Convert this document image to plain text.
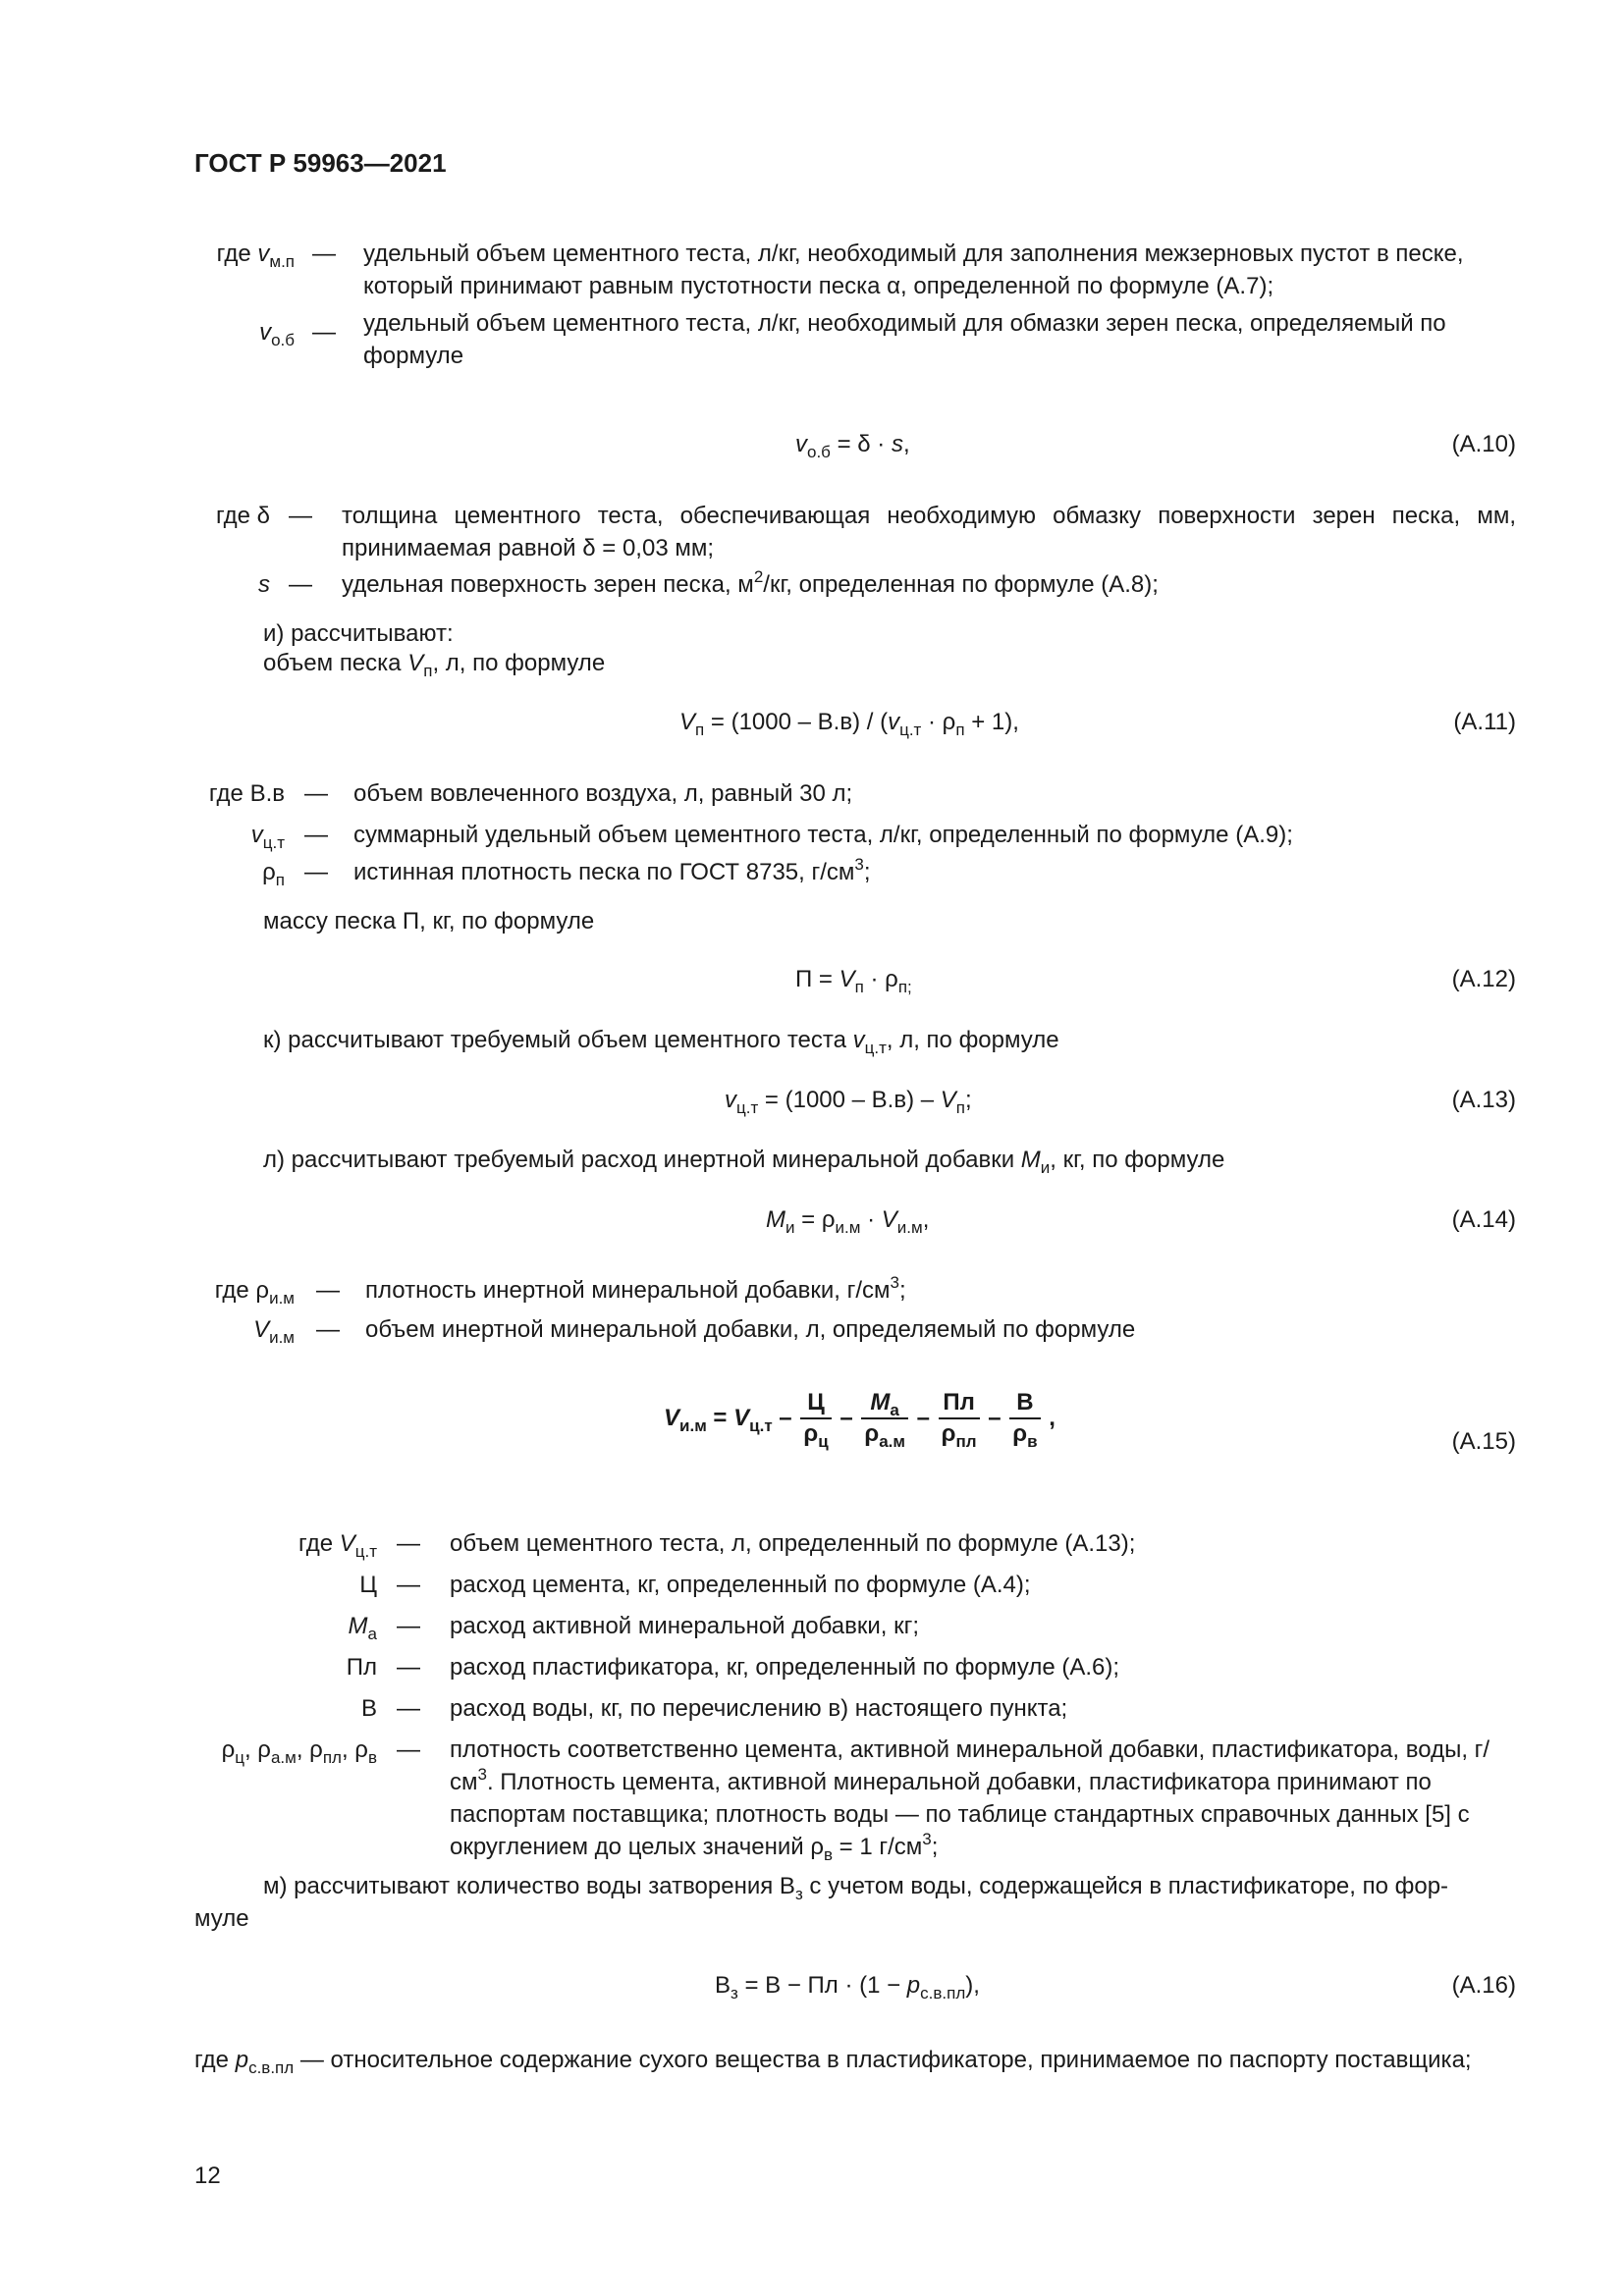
ГОСТ Р 59963—2021
где $v_{м.п}$ — удельный объем цементного теста, л/кг, необходимый для заполнения межзерновых пустот в песке, который принимают равным пустотности песка α, определенной по формуле (А.7);
$v_{о.б}$ — удельный объем цементного теста, л/кг, необходимый для обмазки зерен песка, определяемый по формуле
$v_{о.б} = \delta \cdot s$,	(А.10)
где δ — толщина цементного теста, обеспечивающая необходимую обмазку поверхности зерен песка, мм, принимаемая равной δ = 0,03 мм;
s — удельная поверхность зерен песка, $м^2/кг$, определенная по формуле (А.8);
и) рассчитывают:
объем песка $V_п$, л, по формуле
$V_п = (1000 - В.в) / (v_{ц.т} \cdot \rho_п + 1)$,	(А.11)
где В.в — объем вовлеченного воздуха, л, равный 30 л;
$v_{ц.т}$ — суммарный удельный объем цементного теста, л/кг, определенный по формуле (А.9);
$\rho_п$ — истинная плотность песка по ГОСТ 8735, $г/см^3$;
массу песка П, кг, по формуле
$П = V_п \cdot \rho_{п;}$	(А.12)
к) рассчитывают требуемый объем цементного теста $v_{ц.т}$, л, по формуле
$v_{ц.т} = (1000 - В.в) - V_п$;	(А.13)
л) рассчитывают требуемый расход инертной минеральной добавки $М_и$, кг, по формуле
$М_и = \rho_{и.м} \cdot V_{и.м}$,	(А.14)
где $\rho_{и.м}$ — плотность инертной минеральной добавки, $г/см^3$;
$V_{и.м}$ — объем инертной минеральной добавки, л, определяемый по формуле
$V_{и.м} = V_{ц.т} - \frac{Ц}{\rho_ц} - \frac{М_а}{\rho_{а.м}} - \frac{Пл}{\rho_{пл}} - \frac{В}{\rho_в}$ ,
(А.15)
где $V_{ц.т}$ — объем цементного теста, л, определенный по формуле (А.13);
Ц — расход цемента, кг, определенный по формуле (А.4);
$М_а$ — расход активной минеральной добавки, кг;
Пл — расход пластификатора, кг, определенный по формуле (А.6);
В — расход воды, кг, по перечислению в) настоящего пункта;
$\rho_ц$, $\rho_{а.м}$, $\rho_{пл}$, $\rho_в$ — плотность соответственно цемента, активной минеральной добавки, пластификатора, воды, $г/см^3$. Плотность цемента, активной минеральной добавки, пластификатора принимают по паспортам поставщика; плотность воды — по таблице стандартных справочных данных [5] с округлением до целых значений $\rho_в = 1$ $г/см^3$;
м) рассчитывают количество воды затворения $В_з$ с учетом воды, содержащейся в пластификаторе, по фор-
муле
$В_з = В$ − Пл · $(1 - p_{с.в.пл})$,	(А.16)
где $p_{с.в.пл}$ — относительное содержание сухого вещества в пластификаторе, принимаемое по паспорту поставщика;
12
